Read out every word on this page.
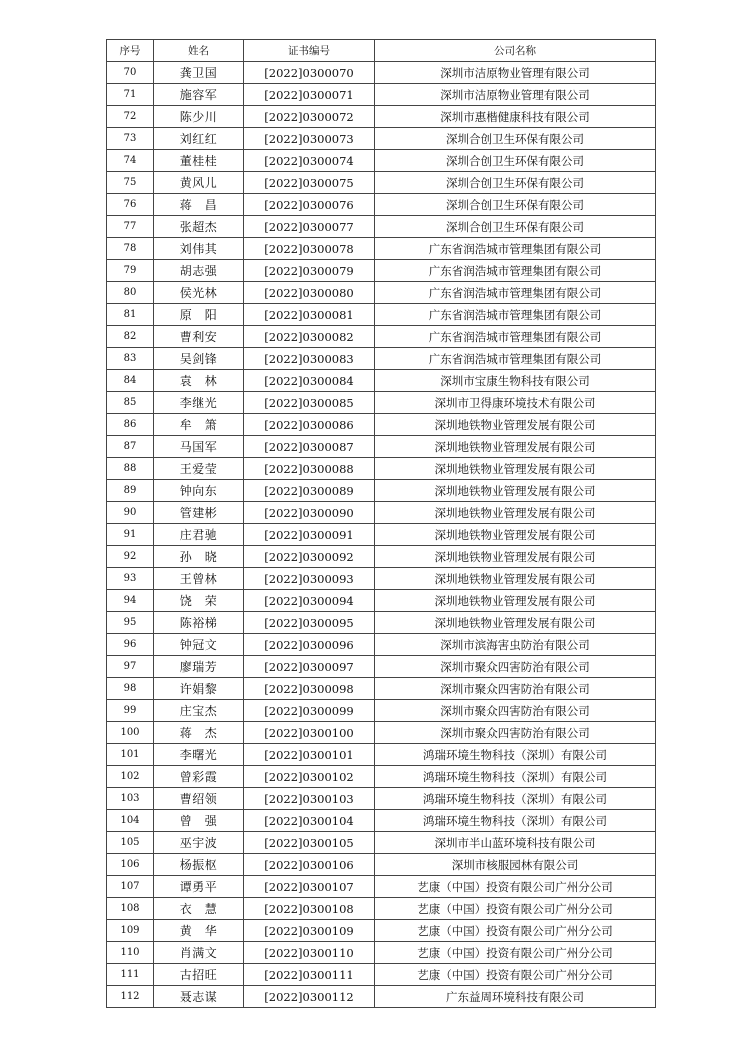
序号	姓名	证书编号	公司名称
70	龚卫国	[2022]0300070	深圳市洁原物业管理有限公司
71	施容军	[2022]0300071	深圳市洁原物业管理有限公司
72	陈少川	[2022]0300072	深圳市惠楷健康科技有限公司
73	刘红红	[2022]0300073	深圳合创卫生环保有限公司
74	董桂桂	[2022]0300074	深圳合创卫生环保有限公司
75	黄风儿	[2022]0300075	深圳合创卫生环保有限公司
76	蒋　昌	[2022]0300076	深圳合创卫生环保有限公司
77	张超杰	[2022]0300077	深圳合创卫生环保有限公司
78	刘伟其	[2022]0300078	广东省润浩城市管理集团有限公司
79	胡志强	[2022]0300079	广东省润浩城市管理集团有限公司
80	侯光林	[2022]0300080	广东省润浩城市管理集团有限公司
81	原　阳	[2022]0300081	广东省润浩城市管理集团有限公司
82	曹利安	[2022]0300082	广东省润浩城市管理集团有限公司
83	吴剑锋	[2022]0300083	广东省润浩城市管理集团有限公司
84	袁　林	[2022]0300084	深圳市宝康生物科技有限公司
85	李继光	[2022]0300085	深圳市卫得康环境技术有限公司
86	牟　箫	[2022]0300086	深圳地铁物业管理发展有限公司
87	马国军	[2022]0300087	深圳地铁物业管理发展有限公司
88	王爱莹	[2022]0300088	深圳地铁物业管理发展有限公司
89	钟向东	[2022]0300089	深圳地铁物业管理发展有限公司
90	管建彬	[2022]0300090	深圳地铁物业管理发展有限公司
91	庄君驰	[2022]0300091	深圳地铁物业管理发展有限公司
92	孙　晓	[2022]0300092	深圳地铁物业管理发展有限公司
93	王曾林	[2022]0300093	深圳地铁物业管理发展有限公司
94	饶　荣	[2022]0300094	深圳地铁物业管理发展有限公司
95	陈裕梯	[2022]0300095	深圳地铁物业管理发展有限公司
96	钟冠文	[2022]0300096	深圳市滨海害虫防治有限公司
97	廖瑞芳	[2022]0300097	深圳市聚众四害防治有限公司
98	许娟黎	[2022]0300098	深圳市聚众四害防治有限公司
99	庄宝杰	[2022]0300099	深圳市聚众四害防治有限公司
100	蒋　杰	[2022]0300100	深圳市聚众四害防治有限公司
101	李曙光	[2022]0300101	鸿瑞环境生物科技（深圳）有限公司
102	曾彩霞	[2022]0300102	鸿瑞环境生物科技（深圳）有限公司
103	曹绍领	[2022]0300103	鸿瑞环境生物科技（深圳）有限公司
104	曾　强	[2022]0300104	鸿瑞环境生物科技（深圳）有限公司
105	巫宇波	[2022]0300105	深圳市半山蓝环境科技有限公司
106	杨振枢	[2022]0300106	深圳市核服园林有限公司
107	谭勇平	[2022]0300107	艺康（中国）投资有限公司广州分公司
108	衣　慧	[2022]0300108	艺康（中国）投资有限公司广州分公司
109	黄　华	[2022]0300109	艺康（中国）投资有限公司广州分公司
110	肖满文	[2022]0300110	艺康（中国）投资有限公司广州分公司
111	古招旺	[2022]0300111	艺康（中国）投资有限公司广州分公司
112	聂志谋	[2022]0300112	广东益周环境科技有限公司
